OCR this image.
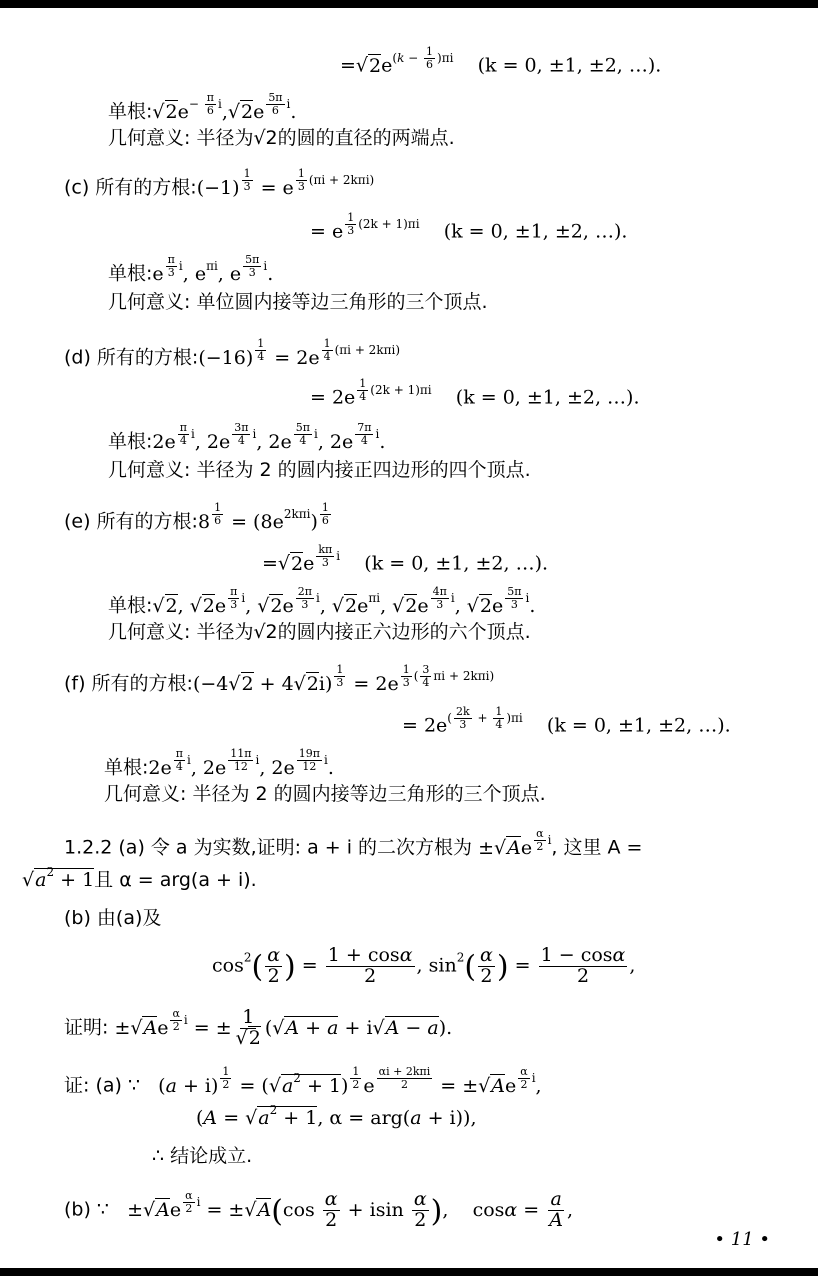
$=√2e^{(k - \frac{1}{6} )\pi i}$ (k = 0, ±1, ±2, …).
单根$:√2e^{- \frac{\pi}{6} i},√2e$ $^{\frac{5\pi}{6} i}$.
几何意义: 半径为√2的圆的直径的两端点.
(c) 所有的方根:(−1) $^{\frac{1}{3}}$ = e $^{\frac{1}{3} (\pi i + 2k\pi i)}$
= e $^{\frac{1}{3} (2k + 1)\pi i}$ (k = 0, ±1, ±2, …).
单根:e $^{\frac{\pi}{3} i}$, $e^{\pi i}$, e $^{\frac{5\pi}{3} i}$.
几何意义: 单位圆内接等边三角形的三个顶点.
(d) 所有的方根:(−16) $^{\frac{1}{4}}$ = 2e $^{\frac{1}{4} (\pi i + 2k\pi i)}$
= 2e $^{\frac{1}{4} (2k + 1)\pi i}$ (k = 0, ±1, ±2, …).
单根:2e $^{\frac{\pi}{4} i}$, 2e $^{\frac{3\pi}{4} i}$, 2e $^{\frac{5\pi}{4} i}$, 2e $^{\frac{7\pi}{4} i}$.
几何意义: 半径为 2 的圆内接正四边形的四个顶点.
(e) 所有的方根:8 $^{\frac{1}{6}} = (8e^{2k\pi i})$ $^{\frac{1}{6}}$
=√2e $^{\frac{k\pi}{3} i}$ (k = 0, ±1, ±2, …).
单根:√2, √2e $^{\frac{\pi}{3} i}$, √2e $^{\frac{2\pi}{3} i}$, $√2e^{\pi i}$, √2e $^{\frac{4\pi}{3} i}$, √2e $^{\frac{5\pi}{3} i}$.
几何意义: 半径为√2的圆内接正六边形的六个顶点.
(f) 所有的方根:(−4√2 + 4√2i) $^{\frac{1}{3}}$ = 2e $^{\frac{1}{3} ( \frac{3}{4} \pi i + 2k\pi i)}$
= $2e^{( \frac{2k}{3} + \frac{1}{4} )\pi i}$ (k = 0, ±1, ±2, …).
单根:2e $^{\frac{\pi}{4} i}$, 2e $^{\frac{11\pi}{12} i}$, 2e $^{\frac{19\pi}{12} i}$.
几何意义: 半径为 2 的圆内接等边三角形的三个顶点.
1.2.2 (a) 令 a 为实数,证明: a + i 的二次方根为 ±√Ae $^{\frac{\alpha}{2} i}$, 这里 A =
$√a^2 + 1$且 α = arg(a + i).
(b) 由(a)及
$\cos^2( \frac{\alpha}{2}$ ) = $\frac{1 + \cos\alpha}{2}$ , $\sin^2( \frac{\alpha}{2}$ ) = $\frac{1 - \cos\alpha}{2}$ ,
证明: ±√Ae $^{\frac{\alpha}{2} i}$ = ± $\frac{1}{√2} (√A + a + i√A - a)$.
证: (a) ∵   (a + i) $^{\frac{1}{2}} = (√a^2 + 1)$ $^{\frac{1}{2}}$ e $^{\frac{\text{αi + 2kπi}}{2}}$ = ±√Ae $^{\frac{\alpha}{2} i}$,
($A = √a^2 + 1$, α = arg(a + i)),
∴ 结论成立.
(b) ∵   ±√Ae $^{\frac{\alpha}{2} i} = \pm√A(\cos \frac{\alpha}{2} + isin \frac{\alpha}{2}$ ),    $\cos\alpha = \frac{a}{A}$ ,
• 11 •
